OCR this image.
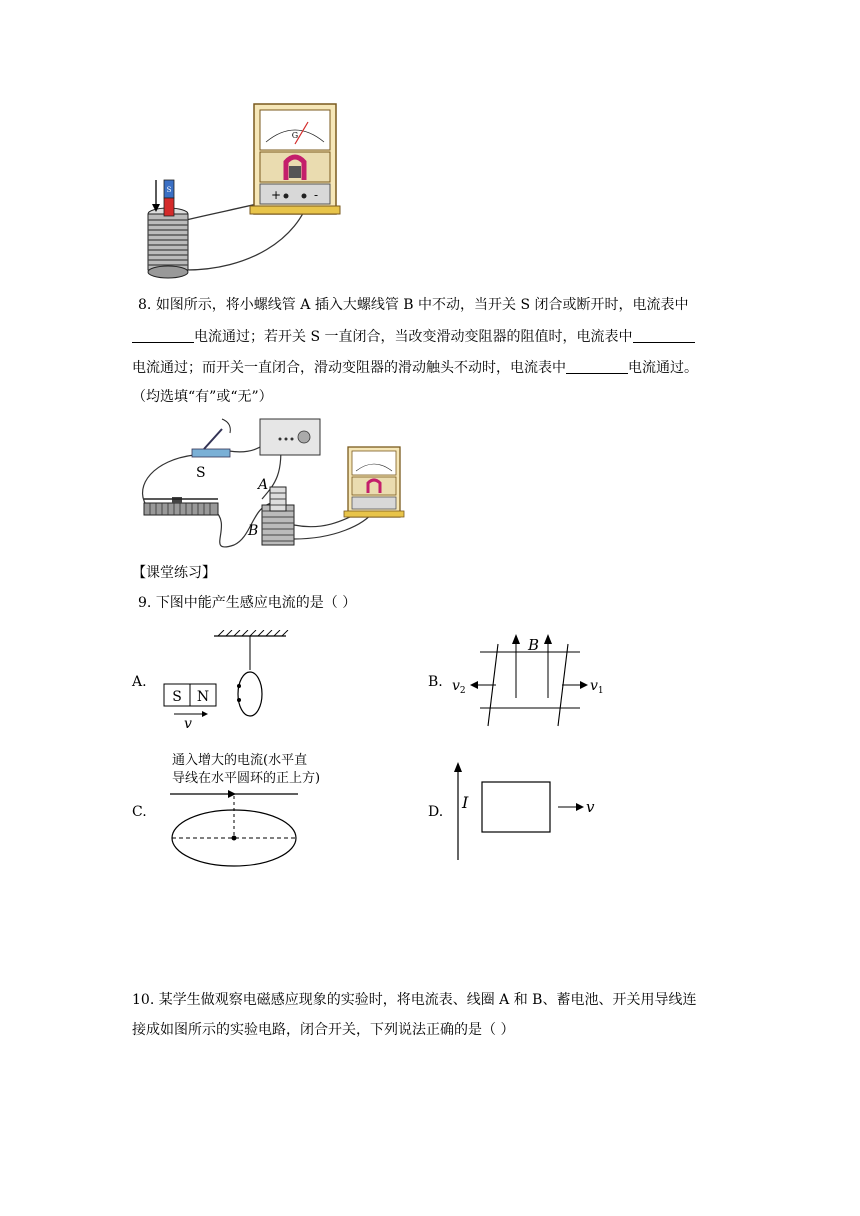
S
G
+	-
8. 如图所示，将小螺线管 A 插入大螺线管 B 中不动，当开关 S 闭合或断开时，电流表中
电流通过；若开关 S 一直闭合，当改变滑动变阻器的阻值时，电流表中
电流通过；而开关一直闭合，滑动变阻器的滑动触头不动时，电流表中	电流通过。
（均选填“有”或“无”）
S
B
A
【课堂练习】
9. 下图中能产生感应电流的是（ ）
A.
S N
v
B.
B
$v_2$	$v_1$
C.
通入增大的电流(水平直
导线在水平圆环的正上方)
D. I	v
10. 某学生做观察电磁感应现象的实验时，将电流表、线圈 A 和 B、蓄电池、开关用导线连
接成如图所示的实验电路，闭合开关，下列说法正确的是（ ）
